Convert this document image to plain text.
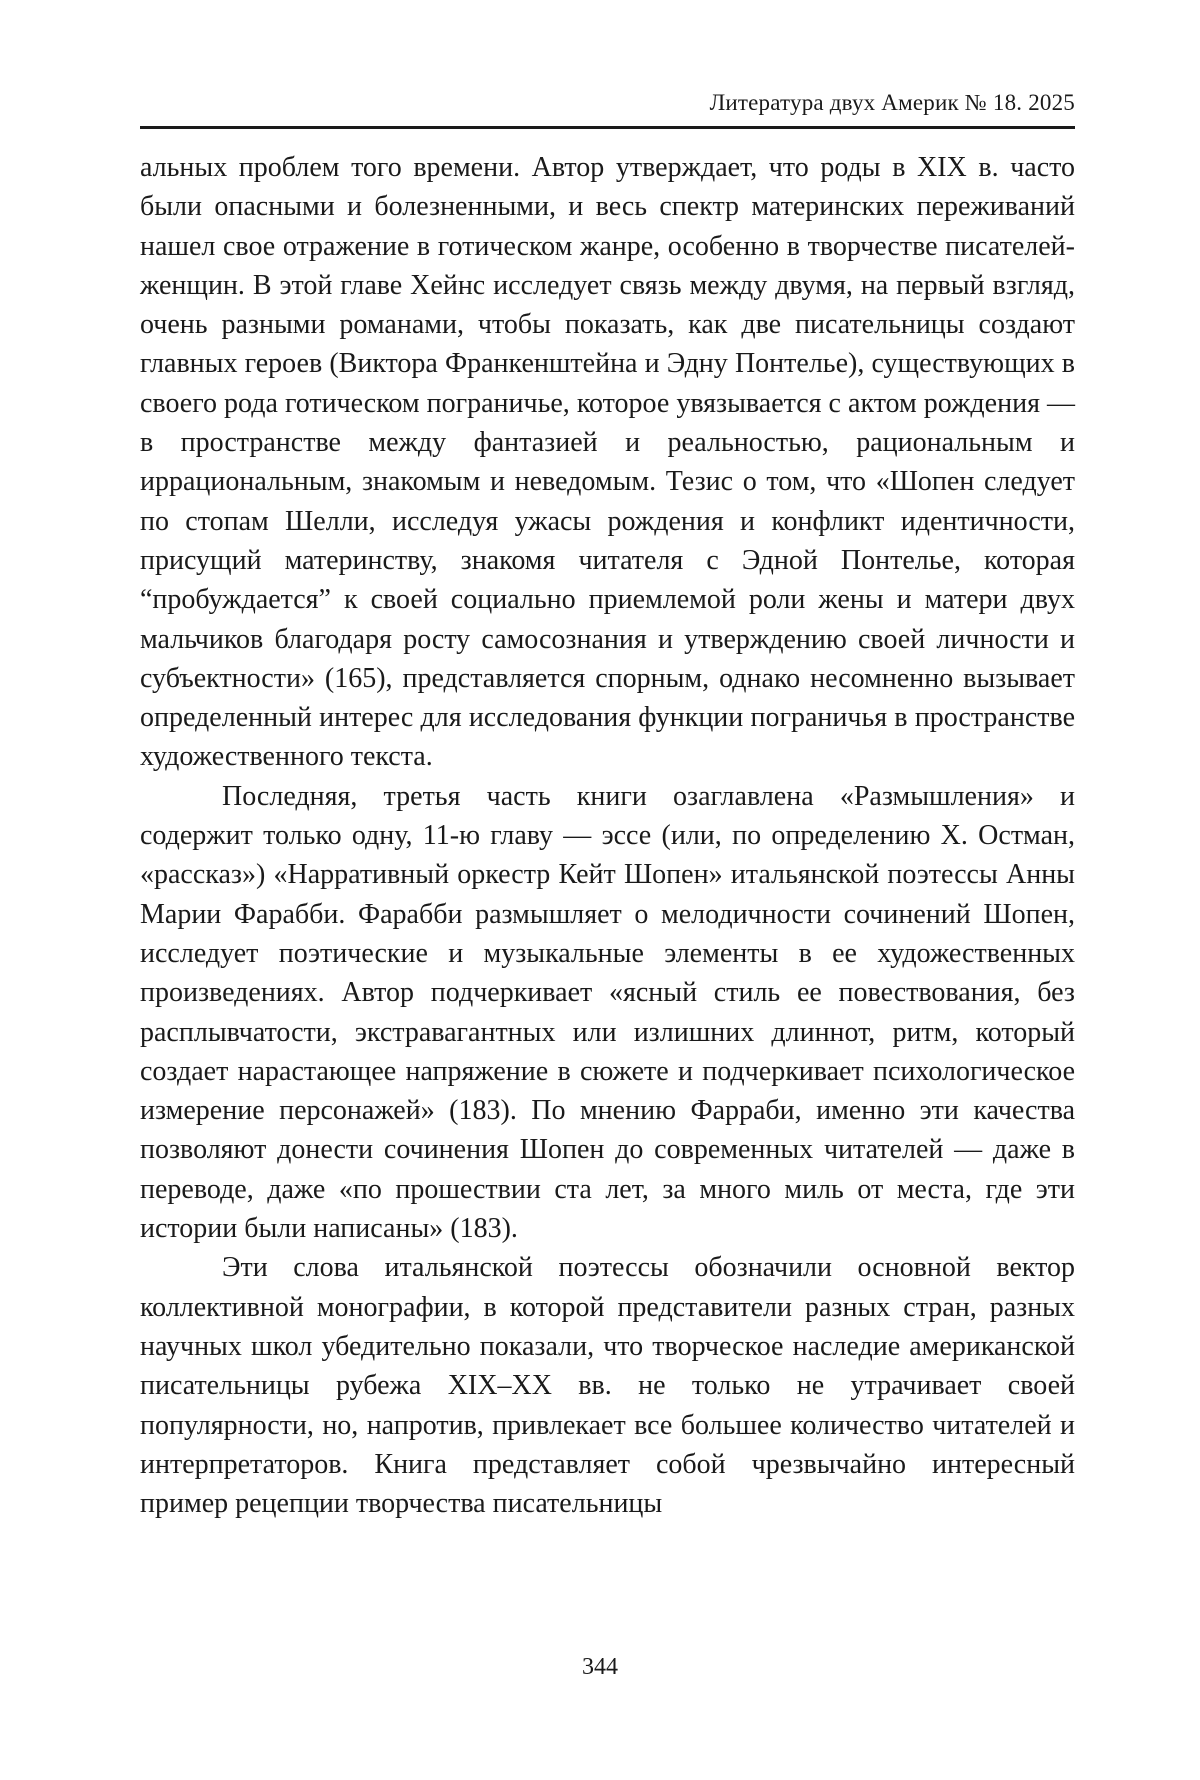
Литература двух Америк № 18. 2025

альных проблем того времени. Автор утверждает, что роды в XIX в. часто были опасными и болезненными, и весь спектр материнских переживаний нашел свое отражение в готическом жанре, особенно в творчестве писателей-женщин. В этой главе Хейнс исследует связь между двумя, на первый взгляд, очень разными романами, чтобы показать, как две писательницы создают главных героев (Виктора Франкенштейна и Эдну Понтелье), существующих в своего рода готическом пограничье, которое увязывается с актом рождения — в пространстве между фантазией и реальностью, рациональным и иррациональным, знакомым и неведомым. Тезис о том, что «Шопен следует по стопам Шелли, исследуя ужасы рождения и конфликт идентичности, присущий материнству, знакомя читателя с Эдной Понтелье, которая “пробуждается” к своей социально приемлемой роли жены и матери двух мальчиков благодаря росту самосознания и утверждению своей личности и субъектности» (165), представляется спорным, однако несомненно вызывает определенный интерес для исследования функции пограничья в пространстве художественного текста.

Последняя, третья часть книги озаглавлена «Размышления» и содержит только одну, 11-ю главу — эссе (или, по определению Х. Остман, «рассказ») «Нарративный оркестр Кейт Шопен» итальянской поэтессы Анны Марии Фарабби. Фарабби размышляет о мелодичности сочинений Шопен, исследует поэтические и музыкальные элементы в ее художественных произведениях. Автор подчеркивает «ясный стиль ее повествования, без расплывчатости, экстравагантных или излишних длиннот, ритм, который создает нарастающее напряжение в сюжете и подчеркивает психологическое измерение персонажей» (183). По мнению Фарраби, именно эти качества позволяют донести сочинения Шопен до современных читателей — даже в переводе, даже «по прошествии ста лет, за много миль от места, где эти истории были написаны» (183).

Эти слова итальянской поэтессы обозначили основной вектор коллективной монографии, в которой представители разных стран, разных научных школ убедительно показали, что творческое наследие американской писательницы рубежа XIX–XX вв. не только не утрачивает своей популярности, но, напротив, привлекает все большее количество читателей и интерпретаторов. Книга представляет собой чрезвычайно интересный пример рецепции творчества писательницы

344
